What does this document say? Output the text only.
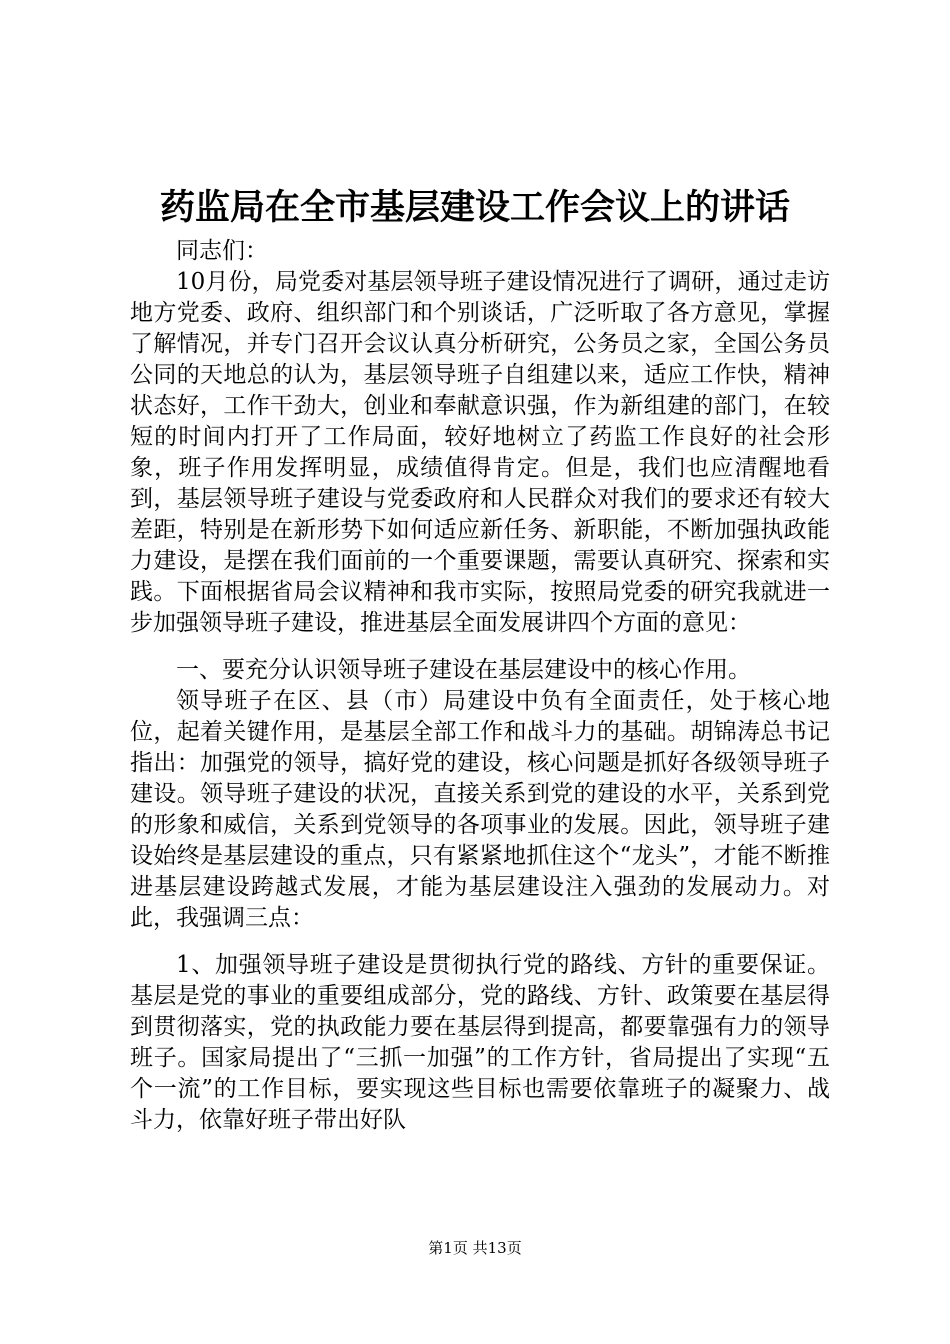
药监局在全市基层建设工作会议上的讲话

同志们：

10月份，局党委对基层领导班子建设情况进行了调研，通过走访地方党委、政府、组织部门和个别谈话，广泛听取了各方意见，掌握了解情况，并专门召开会议认真分析研究，公务员之家，全国公务员公同的天地总的认为，基层领导班子自组建以来，适应工作快，精神状态好，工作干劲大，创业和奉献意识强，作为新组建的部门，在较短的时间内打开了工作局面，较好地树立了药监工作良好的社会形象，班子作用发挥明显，成绩值得肯定。但是，我们也应清醒地看到，基层领导班子建设与党委政府和人民群众对我们的要求还有较大差距，特别是在新形势下如何适应新任务、新职能，不断加强执政能力建设，是摆在我们面前的一个重要课题，需要认真研究、探索和实践。下面根据省局会议精神和我市实际，按照局党委的研究我就进一步加强领导班子建设，推进基层全面发展讲四个方面的意见：

一、要充分认识领导班子建设在基层建设中的核心作用。

领导班子在区、县（市）局建设中负有全面责任，处于核心地位，起着关键作用，是基层全部工作和战斗力的基础。胡锦涛总书记指出：加强党的领导，搞好党的建设，核心问题是抓好各级领导班子建设。领导班子建设的状况，直接关系到党的建设的水平，关系到党的形象和威信，关系到党领导的各项事业的发展。因此，领导班子建设始终是基层建设的重点，只有紧紧地抓住这个“龙头”，才能不断推进基层建设跨越式发展，才能为基层建设注入强劲的发展动力。对此，我强调三点：

1、加强领导班子建设是贯彻执行党的路线、方针的重要保证。基层是党的事业的重要组成部分，党的路线、方针、政策要在基层得到贯彻落实，党的执政能力要在基层得到提高，都要靠强有力的领导班子。国家局提出了“三抓一加强”的工作方针，省局提出了实现“五个一流”的工作目标，要实现这些目标也需要依靠班子的凝聚力、战斗力，依靠好班子带出好队

第1页 共13页
